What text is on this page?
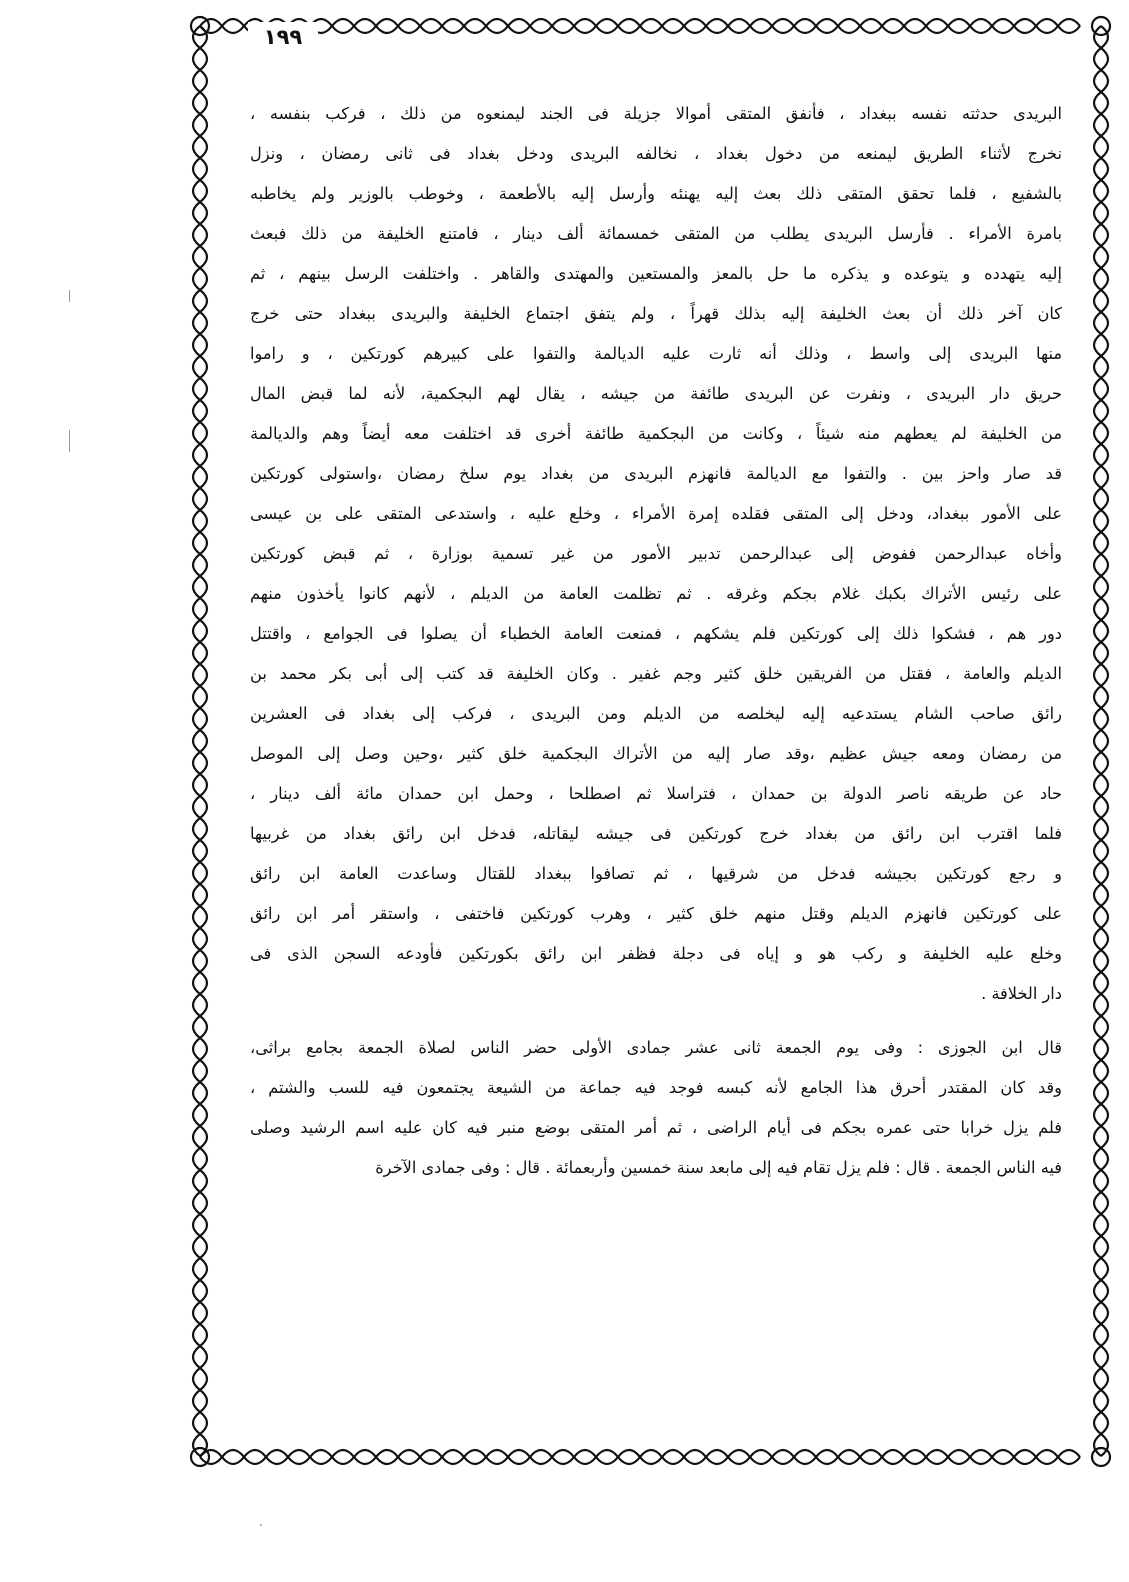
١٩٩
البريدى حدثته نفسه ببغداد ، فأنفق المتقى أموالا جزيلة فى الجند ليمنعوه من ذلك ، فركب بنفسه ،
نخرج لأثناء الطريق ليمنعه من دخول بغداد ، نخالفه البريدى ودخل بغداد فى ثانى رمضان ، ونزل
بالشفيع ، فلما تحقق المتقى ذلك بعث إليه يهنئه وأرسل إليه بالأطعمة ، وخوطب بالوزير ولم يخاطبه
بامرة الأمراء . فأرسل البريدى يطلب من المتقى خمسمائة ألف دينار ، فامتنع الخليفة من ذلك فبعث
إليه يتهدده و يتوعده و يذكره ما حل بالمعز والمستعين والمهتدى والقاهر . واختلفت الرسل بينهم ، ثم
كان آخر ذلك أن بعث الخليفة إليه بذلك قهراً ، ولم يتفق اجتماع الخليفة والبريدى ببغداد حتى خرج
منها البريدى إلى واسط ، وذلك أنه ثارت عليه الديالمة والتفوا على كبيرهم كورتكين ، و راموا
حريق دار البريدى ، ونفرت عن البريدى طائفة من جيشه ، يقال لهم البجكمية، لأنه لما قبض المال
من الخليفة لم يعطهم منه شيئاً ، وكانت من البجكمية طائفة أخرى قد اختلفت معه أيضاً وهم والديالمة
قد صار واحز بين . والتفوا مع الديالمة فانهزم البريدى من بغداد يوم سلخ رمضان ،واستولى كورتكين
على الأمور ببغداد، ودخل إلى المتقى فقلده إمرة الأمراء ، وخلع عليه ، واستدعى المتقى على بن عيسى
وأخاه عبدالرحمن ففوض إلى عبدالرحمن تدبير الأمور من غير تسمية بوزارة ، ثم قبض كورتكين
على رئيس الأتراك بكبك غلام بجكم وغرقه . ثم تظلمت العامة من الديلم ، لأنهم كانوا يأخذون منهم
دور هم ، فشكوا ذلك إلى كورتكين فلم يشكهم ، فمنعت العامة الخطباء أن يصلوا فى الجوامع ، واقتتل
الديلم والعامة ، فقتل من الفريقين خلق كثير وجم غفير . وكان الخليفة قد كتب إلى أبى بكر محمد بن
رائق صاحب الشام يستدعيه إليه ليخلصه من الديلم ومن البريدى ، فركب إلى بغداد فى العشرين
من رمضان ومعه جيش عظيم ،وقد صار إليه من الأتراك البجكمية خلق كثير ،وحين وصل إلى الموصل
حاد عن طريقه ناصر الدولة بن حمدان ، فتراسلا ثم اصطلحا ، وحمل ابن حمدان مائة ألف دينار ،
فلما اقترب ابن رائق من بغداد خرج كورتكين فى جيشه ليقاتله، فدخل ابن رائق بغداد من غربيها
و رجع كورتكين بجيشه فدخل من شرقيها ، ثم تصافوا ببغداد للقتال وساعدت العامة ابن رائق
على كورتكين فانهزم الديلم وقتل منهم خلق كثير ، وهرب كورتكين فاختفى ، واستقر أمر ابن رائق
وخلع عليه الخليفة و ركب هو و إياه فى دجلة فظفر ابن رائق بكورتكين فأودعه السجن الذى فى
دار الخلافة .
قال ابن الجوزى : وفى يوم الجمعة ثانى عشر جمادى الأولى حضر الناس لصلاة الجمعة بجامع براثى،
وقد كان المقتدر أحرق هذا الجامع لأنه كبسه فوجد فيه جماعة من الشيعة يجتمعون فيه للسب والشتم ،
فلم يزل خرابا حتى عمره بجكم فى أيام الراضى ، ثم أمر المتقى بوضع منبر فيه كان عليه اسم الرشيد وصلى
فيه الناس الجمعة . قال : فلم يزل تقام فيه إلى مابعد سنة خمسين وأربعمائة . قال : وفى جمادى الآخرة
